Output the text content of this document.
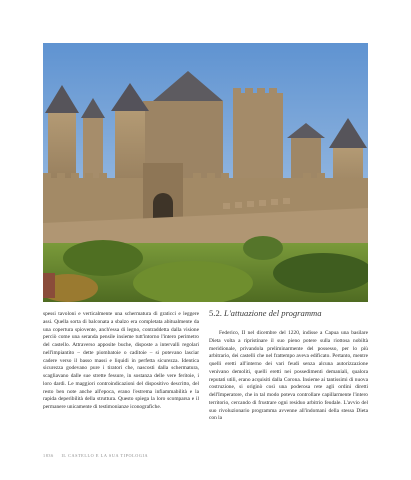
spessi tavoloni e verticalmente una schermatura di graticci e leggere assi. Quella sorta di balconata a sbalzo era completata abitualmente da una copertura spiovente, anch'essa di legno, contraddetta dalla visione perciò come una seranda pensile insieme tutt'intorno l'intero perimetro del castello. Attraverso apposite buche, disposte a intervalli regolari nell'impiantito – dette piombatoie o caditoie – si potevano lasciar cadere verso il basso massi e liquidi in perfetta sicurezza. Identica sicurezza godevano pure i tiratori che, nascosti dalla schermatura, scagliavano dalle sue strette fessure, in sostanza delle vere feritoie, i loro dardi. Le maggiori controindicazioni del dispositivo descritto, del resto ben note anche all'epoca, erano l'estrema infiammabilità e la rapida deperibilità della struttura. Questo spiega la loro scomparsa e il permanere unicamente di testimonianze iconografiche.
5.2. L'attuazione del programma
Federico, II nel dicembre del 1220, indisse a Capua una basilare Dieta volta a ripristinare il suo pieno potere sulla riottosa nobiltà meridionale, privandola preliminarmente del possesso, per lo più arbitrario, dei castelli che nel frattempo aveva edificato. Pertanto, mentre quelli eretti all'interno dei vari feudi senza alcuna autorizzazione venivano demoliti, quelli eretti nei possedimenti demaniali, qualora reputati utili, erano acquisiti dalla Corona. Insieme ai tantissimi di nuova costruzione, si originò così una poderosa rete agli ordini diretti dell'Imperatore, che in tal modo poteva controllare capillarmente l'intero territorio, cercando di frustrare ogni residuo arbitrio feudale. L'avvio del suo rivoluzionario programma avvenne all'indomani della stessa Dieta con la
1836 IL CASTELLO E LA SUA TIPOLOGIA
